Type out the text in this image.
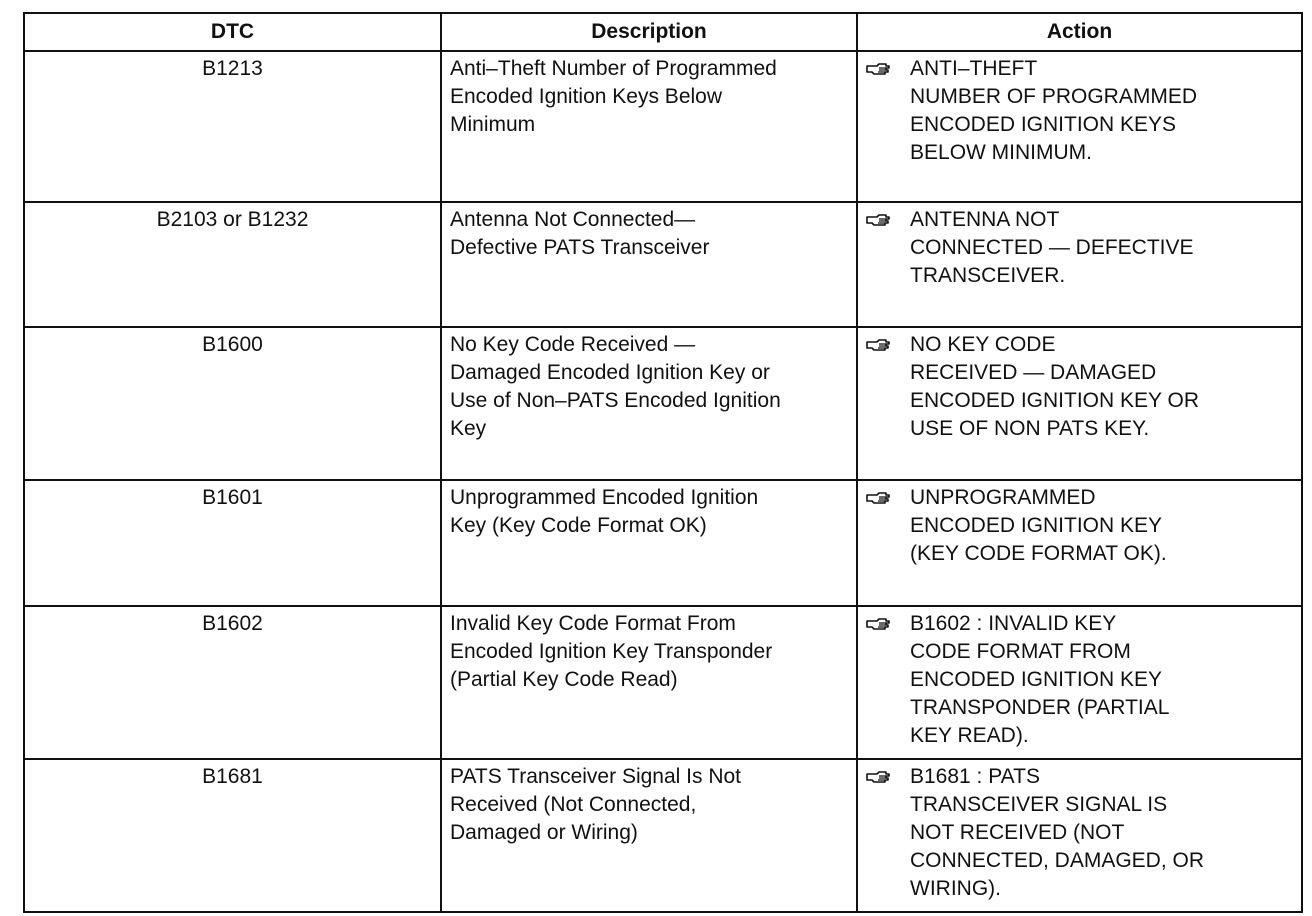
DTC	Description	Action
B1213	Anti–Theft Number of Programmed
Encoded Ignition Keys Below
Minimum	ANTI–THEFT
NUMBER OF PROGRAMMED
ENCODED IGNITION KEYS
BELOW MINIMUM.

B2103 or B1232	Antenna Not Connected—
Defective PATS Transceiver	ANTENNA NOT
CONNECTED — DEFECTIVE
TRANSCEIVER.

B1600	No Key Code Received —
Damaged Encoded Ignition Key or
Use of Non–PATS Encoded Ignition
Key	NO KEY CODE
RECEIVED — DAMAGED
ENCODED IGNITION KEY OR
USE OF NON PATS KEY.

B1601	Unprogrammed Encoded Ignition
Key (Key Code Format OK)	UNPROGRAMMED
ENCODED IGNITION KEY
(KEY CODE FORMAT OK).

B1602	Invalid Key Code Format From
Encoded Ignition Key Transponder
(Partial Key Code Read)	B1602 : INVALID KEY
CODE FORMAT FROM
ENCODED IGNITION KEY
TRANSPONDER (PARTIAL
KEY READ).

B1681	PATS Transceiver Signal Is Not
Received (Not Connected,
Damaged or Wiring)	B1681 : PATS
TRANSCEIVER SIGNAL IS
NOT RECEIVED (NOT
CONNECTED, DAMAGED, OR
WIRING).
